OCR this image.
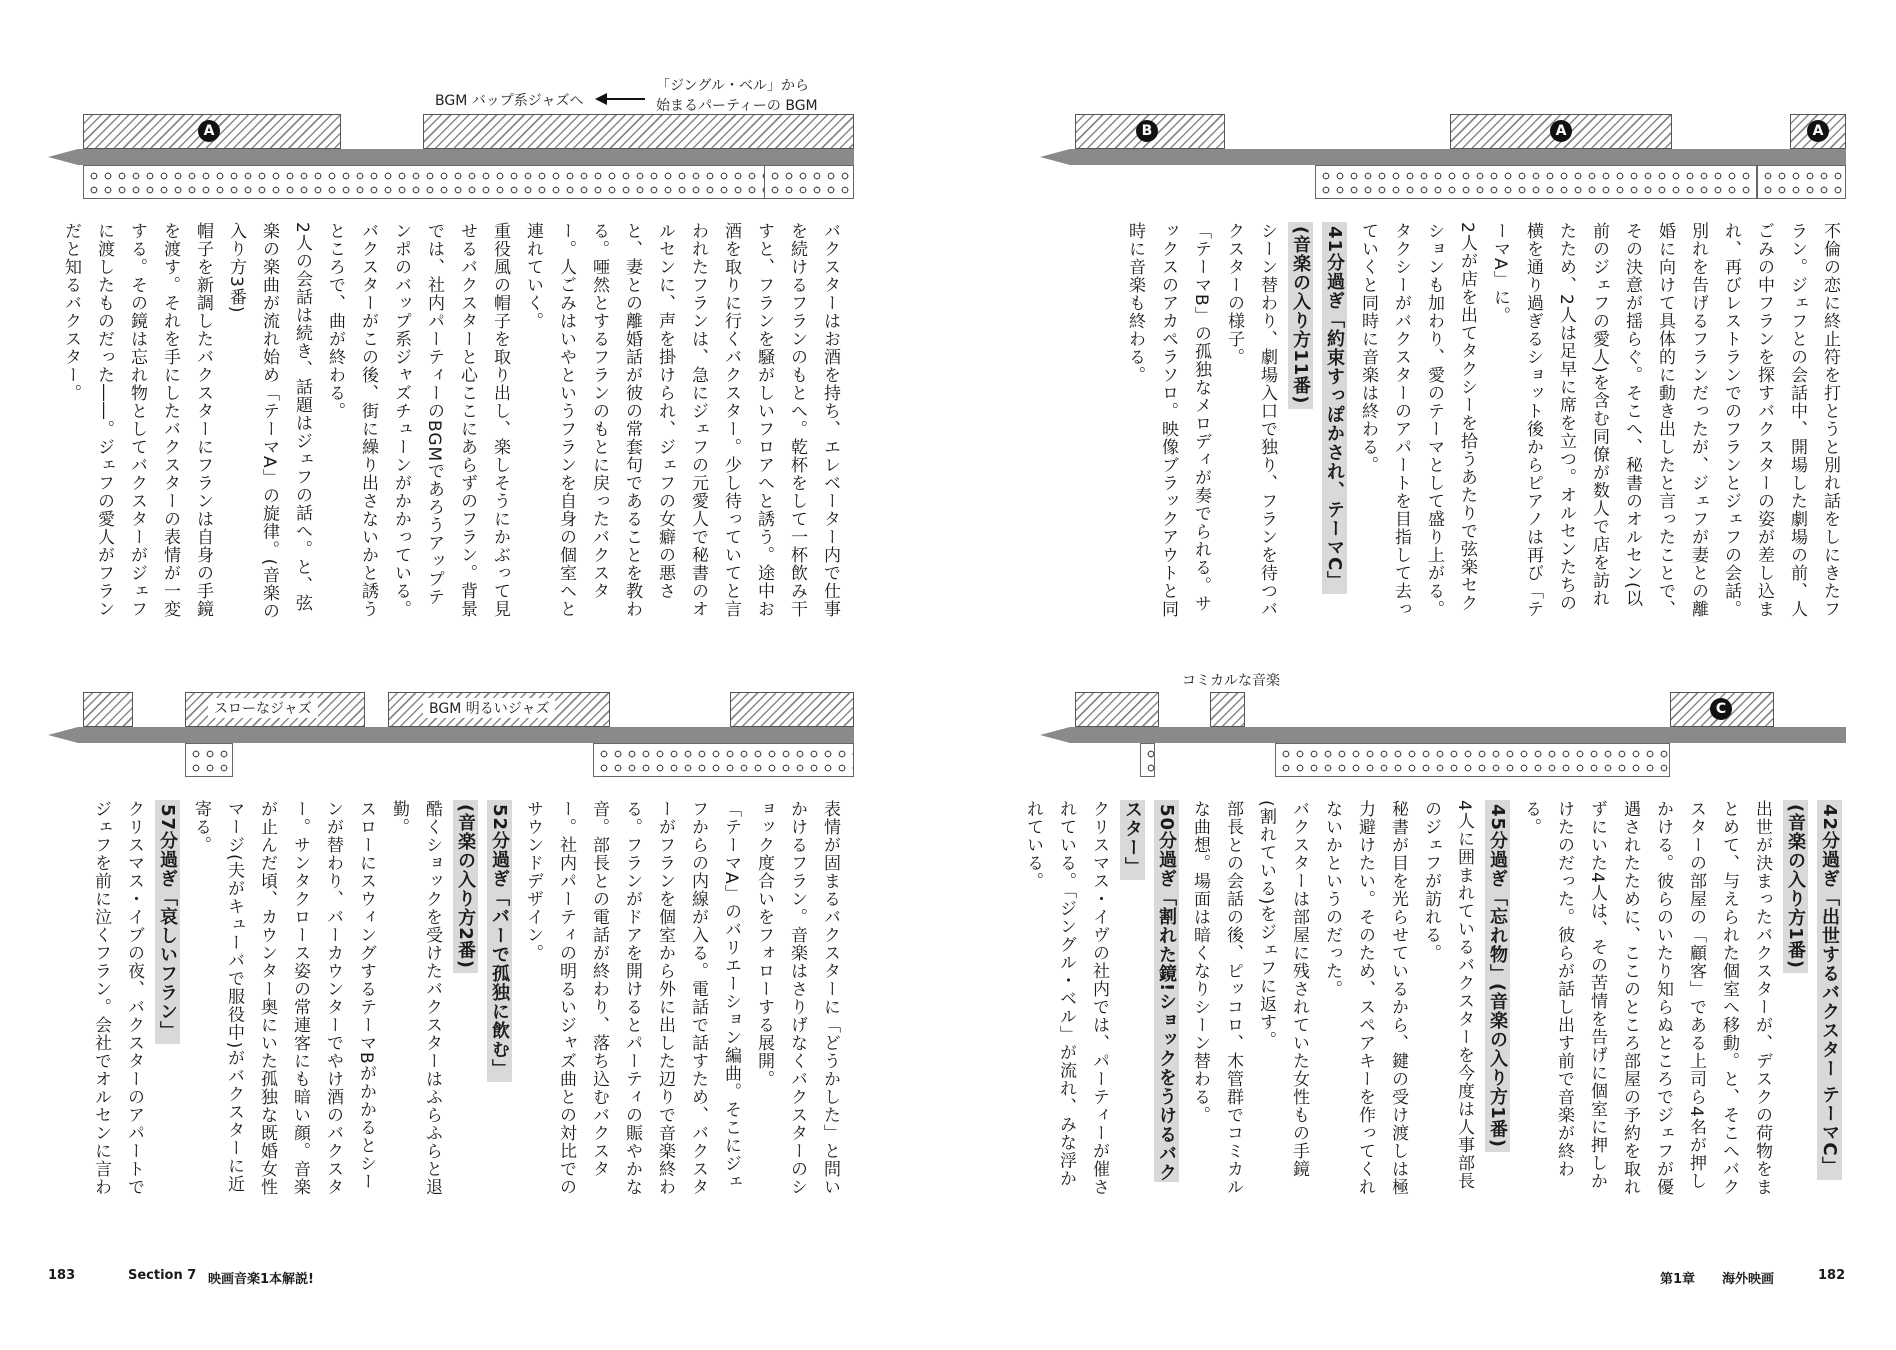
BGM バップ系ジャズへ
「ジングル・ベル」から
始まるパーティーの BGM
A	B	A	A
スローなジャズ	BGM 明るいジャズ
コミカルな音楽
C

バクスターはお酒を持ち、エレベーター内で仕事を続けるフランのもとへ。乾杯をして一杯飲み干すと、フランを騒がしいフロアへと誘う。途中お酒を取りに行くバクスター。少し待っていてと言われたフランは、急にジェフの元愛人で秘書のオルセンに、声を掛けられ、ジェフの女癖の悪さと、妻との離婚話が彼の常套句であることを教わる。唖然とするフランのもとに戻ったバクスター。人ごみはいやというフランを自身の個室へと連れていく。

重役風の帽子を取り出し、楽しそうにかぶって見せるバクスターと心ここにあらずのフラン。背景では、社内パーティーのBGMであろうアップテンポのバップ系ジャズチューンがかかっている。

バクスターがこの後、街に繰り出さないかと誘うところで、曲が終わる。

2人の会話は続き、話題はジェフの話へ。と、弦楽の楽曲が流れ始め「テーマA」の旋律。(音楽の入り方3番)

帽子を新調したバクスターにフランは自身の手鏡を渡す。それを手にしたバクスターの表情が一変する。その鏡は忘れ物としてバクスターがジェフに渡したものだった――。ジェフの愛人がフランだと知るバクスター。	不倫の恋に終止符を打とうと別れ話をしにきたフラン。ジェフとの会話中、開場した劇場の前、人ごみの中フランを探すバクスターの姿が差し込まれ、再びレストランでのフランとジェフの会話。

別れを告げるフランだったが、ジェフが妻との離婚に向けて具体的に動き出したと言ったことで、その決意が揺らぐ。そこへ、秘書のオルセン(以前のジェフの愛人)を含む同僚が数人で店を訪れたため、2人は足早に席を立つ。オルセンたちの横を通り過ぎるショット後からピアノは再び「テーマA」に。

2人が店を出てタクシーを拾うあたりで弦楽セクションも加わり、愛のテーマとして盛り上がる。タクシーがバクスターのアパートを目指して去っていくと同時に音楽は終わる。

41分過ぎ「約束すっぽかされ、テーマC」

(音楽の入り方11番)

シーン替わり、劇場入口で独り、フランを待つバクスターの様子。

「テーマB」の孤独なメロディが奏でられる。サックスのアカペラソロ。映像ブラックアウトと同時に音楽も終わる。

表情が固まるバクスターに「どうかした」と問いかけるフラン。音楽はさりげなくバクスターのショック度合いをフォローする展開。

「テーマA」のバリエーション編曲。そこにジェフからの内線が入る。電話で話すため、バクスターがフランを個室から外に出した辺りで音楽終わる。フランがドアを開けるとパーティの賑やかな音。部長との電話が終わり、落ち込むバクスター。社内パーティの明るいジャズ曲との対比でのサウンドデザイン。

52分過ぎ「バーで孤独に飲む」

(音楽の入り方2番)

酷くショックを受けたバクスターはふらふらと退勤。

スローにスウィングするテーマBがかかるとシーンが替わり、バーカウンターでやけ酒のバクスター。サンタクロース姿の常連客にも暗い顔。音楽が止んだ頃、カウンター奥にいた孤独な既婚女性マージ(夫がキューバで服役中)がバクスターに近寄る。

57分過ぎ「哀しいフラン」

クリスマス・イブの夜、バクスターのアパートでジェフを前に泣くフラン。会社でオルセンに言わ	42分過ぎ「出世するバクスター テーマC」

(音楽の入り方1番)

出世が決まったバクスターが、デスクの荷物をまとめて、与えられた個室へ移動。と、そこへバクスターの部屋の「顧客」である上司ら4名が押しかける。彼らのいたり知らぬところでジェフが優遇されたために、ここのところ部屋の予約を取れずにいた4人は、その苦情を告げに個室に押しかけたのだった。彼らが話し出す前で音楽が終わる。

45分過ぎ「忘れ物」(音楽の入り方1番)

4人に囲まれているバクスターを今度は人事部長のジェフが訪れる。

秘書が目を光らせているから、鍵の受け渡しは極力避けたい。そのため、スペアキーを作ってくれないかというのだった。

バクスターは部屋に残されていた女性もの手鏡(割れている)をジェフに返す。

部長との会話の後、ピッコロ、木管群でコミカルな曲想。場面は暗くなりシーン替わる。

50分過ぎ「割れた鏡!ショックをうけるバクスター」

クリスマス・イヴの社内では、パーティーが催されている。「ジングル・ベル」が流れ、みな浮かれている。

183	Section 7 映画音楽1本解説!	第1章 海外映画	182
